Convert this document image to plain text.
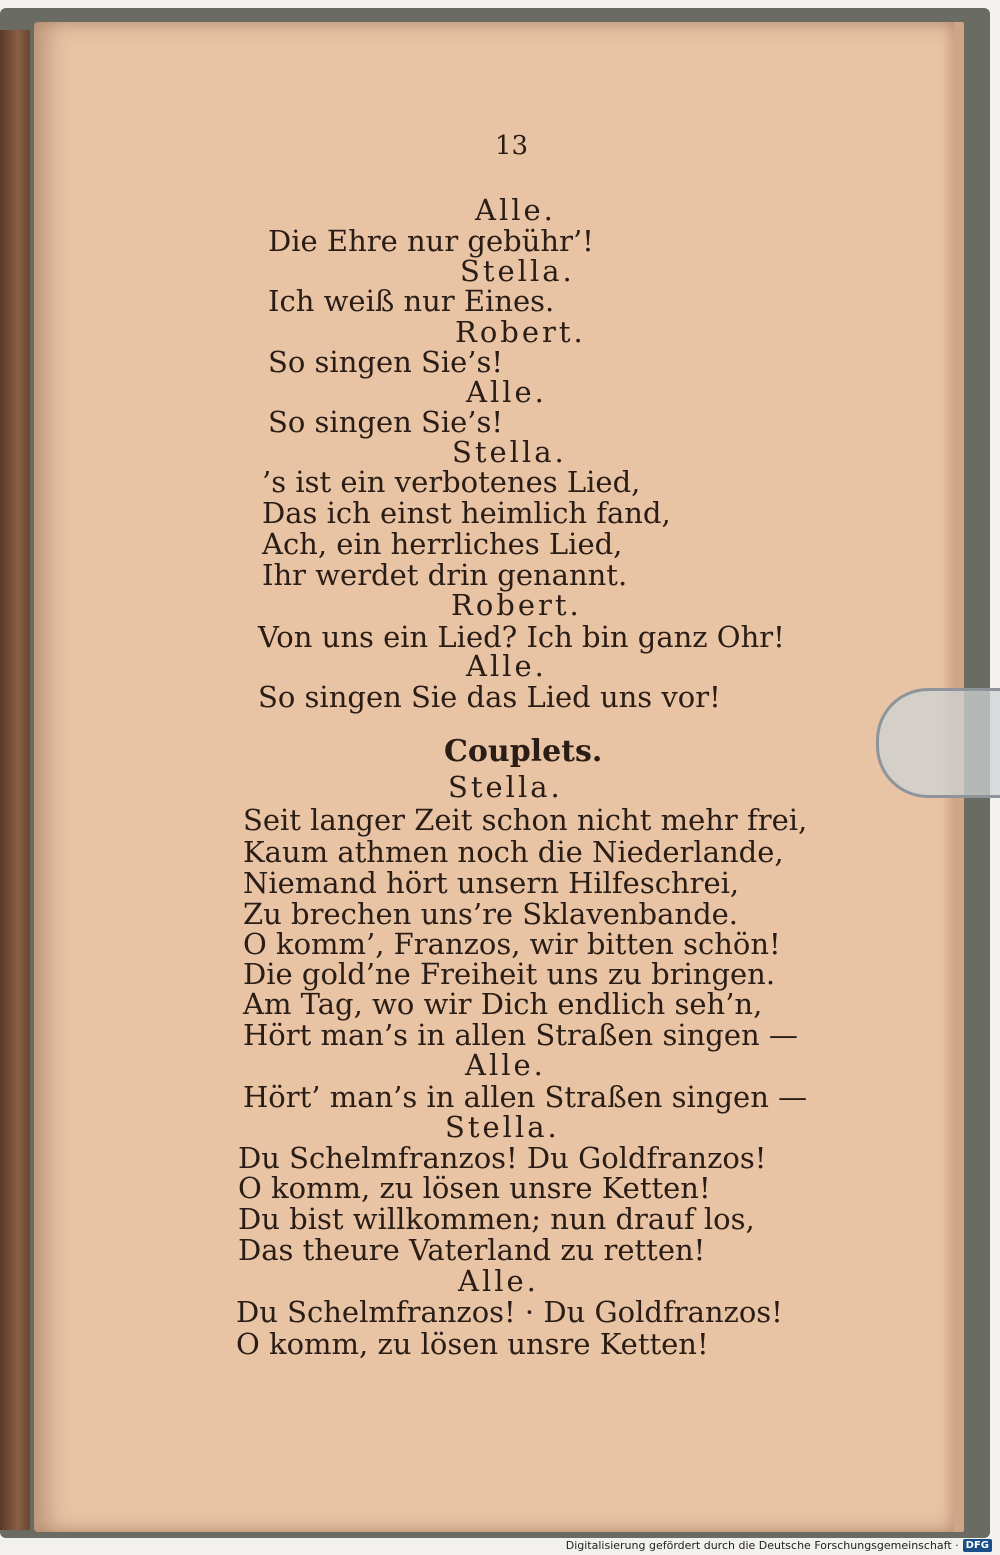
13
Alle.
Die Ehre nur gebühr’!
Stella.
Ich weiß nur Eines.
Robert.
So singen Sie’s!
Alle.
So singen Sie’s!
Stella.
’s ist ein verbotenes Lied,
Das ich einst heimlich fand,
Ach, ein herrliches Lied,
Ihr werdet drin genannt.
Robert.
Von uns ein Lied? Ich bin ganz Ohr!
Alle.
So singen Sie das Lied uns vor!
Couplets.
Stella.
Seit langer Zeit schon nicht mehr frei,
Kaum athmen noch die Niederlande,
Niemand hört unsern Hilfeschrei,
Zu brechen uns’re Sklavenbande.
O komm’, Franzos, wir bitten schön!
Die gold’ne Freiheit uns zu bringen.
Am Tag, wo wir Dich endlich seh’n,
Hört man’s in allen Straßen singen —
Alle.
Hört’ man’s in allen Straßen singen —
Stella.
Du Schelmfranzos! Du Goldfranzos!
O komm, zu lösen unsre Ketten!
Du bist willkommen; nun drauf los,
Das theure Vaterland zu retten!
Alle.
Du Schelmfranzos! · Du Goldfranzos!
O komm, zu lösen unsre Ketten!
Digitalisierung gefördert durch die Deutsche Forschungsgemeinschaft · DFG
